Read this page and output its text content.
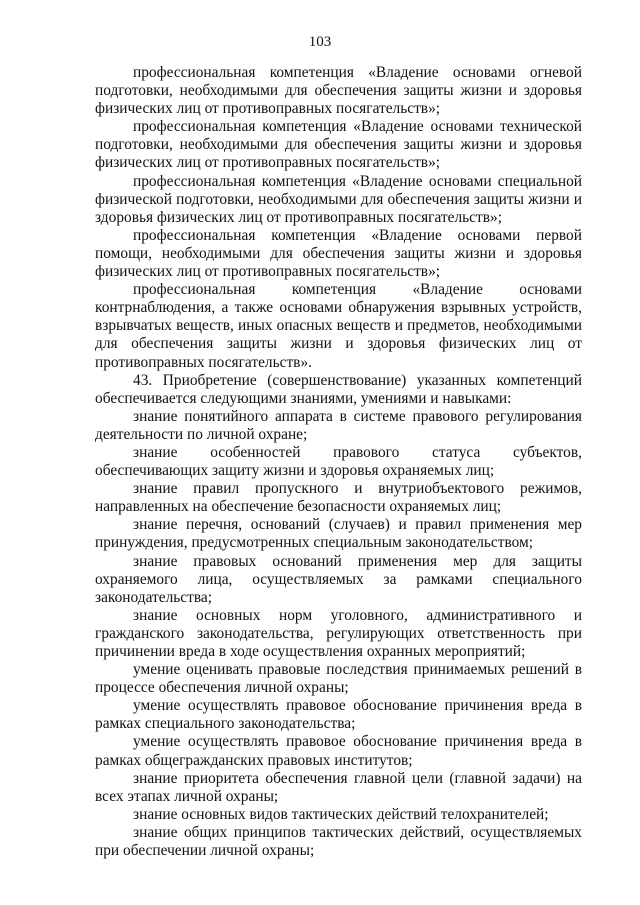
103

профессиональная компетенция «Владение основами огневой подготовки, необходимыми для обеспечения защиты жизни и здоровья физических лиц от противоправных посягательств»;

профессиональная компетенция «Владение основами технической подготовки, необходимыми для обеспечения защиты жизни и здоровья физических лиц от противоправных посягательств»;

профессиональная компетенция «Владение основами специальной физической подготовки, необходимыми для обеспечения защиты жизни и здоровья физических лиц от противоправных посягательств»;

профессиональная компетенция «Владение основами первой помощи, необходимыми для обеспечения защиты жизни и здоровья физических лиц от противоправных посягательств»;

профессиональная компетенция «Владение основами контрнаблюдения, а также основами обнаружения взрывных устройств, взрывчатых веществ, иных опасных веществ и предметов, необходимыми для обеспечения защиты жизни и здоровья физических лиц от противоправных посягательств».

43. Приобретение (совершенствование) указанных компетенций обеспечивается следующими знаниями, умениями и навыками:

знание понятийного аппарата в системе правового регулирования деятельности по личной охране;

знание особенностей правового статуса субъектов, обеспечивающих защиту жизни и здоровья охраняемых лиц;

знание правил пропускного и внутриобъектового режимов, направленных на обеспечение безопасности охраняемых лиц;

знание перечня, оснований (случаев) и правил применения мер принуждения, предусмотренных специальным законодательством;

знание правовых оснований применения мер для защиты охраняемого лица, осуществляемых за рамками специального законодательства;

знание основных норм уголовного, административного и гражданского законодательства, регулирующих ответственность при причинении вреда в ходе осуществления охранных мероприятий;

умение оценивать правовые последствия принимаемых решений в процессе обеспечения личной охраны;

умение осуществлять правовое обоснование причинения вреда в рамках специального законодательства;

умение осуществлять правовое обоснование причинения вреда в рамках общегражданских правовых институтов;

знание приоритета обеспечения главной цели (главной задачи) на всех этапах личной охраны;

знание основных видов тактических действий телохранителей;

знание общих принципов тактических действий, осуществляемых при обеспечении личной охраны;
